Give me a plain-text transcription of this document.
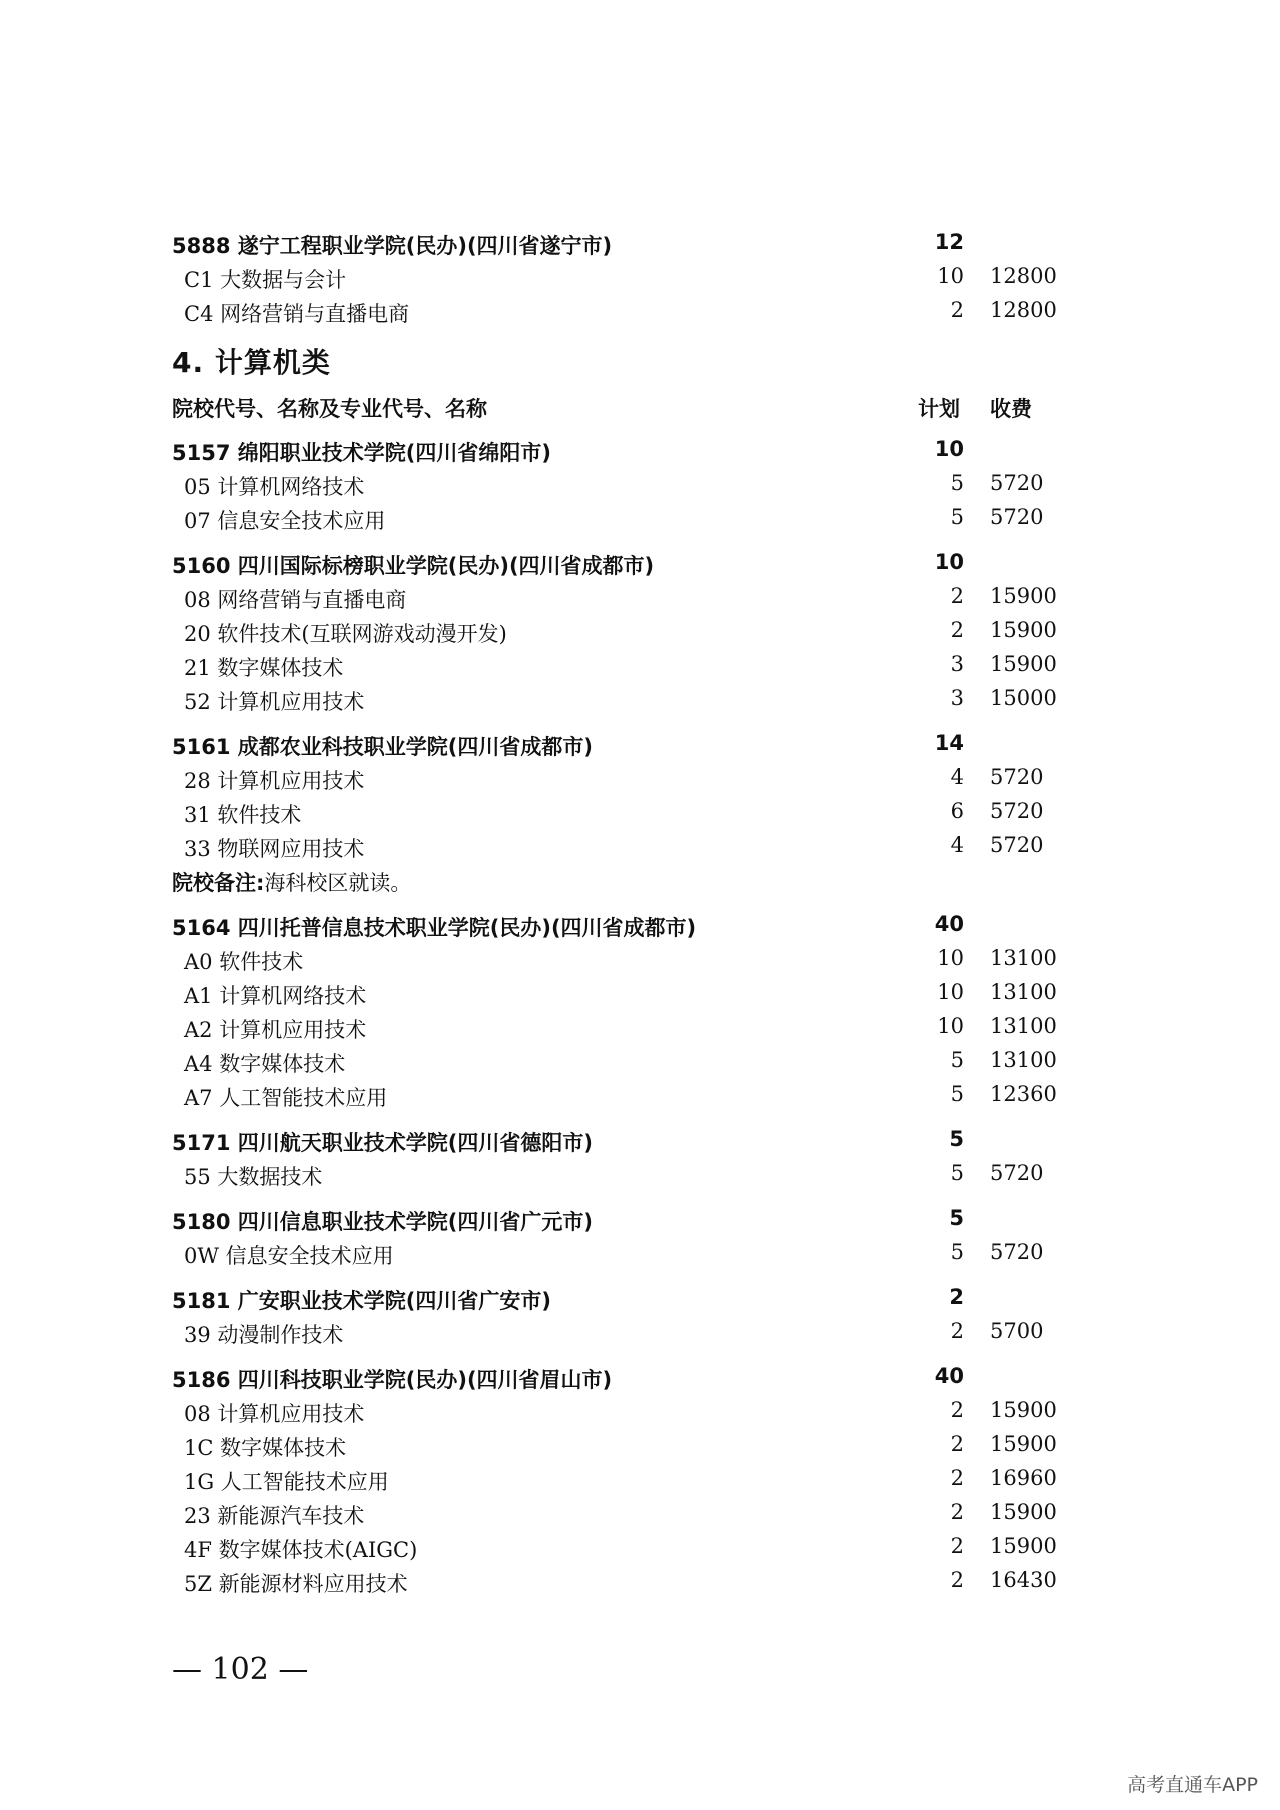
5888 遂宁工程职业学院(民办)(四川省遂宁市)	12
C1 大数据与会计	10 12800
C4 网络营销与直播电商	2 12800
4. 计算机类
院校代号、名称及专业代号、名称	计划 收费
5157 绵阳职业技术学院(四川省绵阳市)	10
05 计算机网络技术	5 5720
07 信息安全技术应用	5 5720
5160 四川国际标榜职业学院(民办)(四川省成都市)	10
08 网络营销与直播电商	2 15900
20 软件技术(互联网游戏动漫开发)	2 15900
21 数字媒体技术	3 15900
52 计算机应用技术	3 15000
5161 成都农业科技职业学院(四川省成都市)	14
28 计算机应用技术	4 5720
31 软件技术	6 5720
33 物联网应用技术	4 5720
院校备注:海科校区就读。
5164 四川托普信息技术职业学院(民办)(四川省成都市)	40
A0 软件技术	10 13100
A1 计算机网络技术	10 13100
A2 计算机应用技术	10 13100
A4 数字媒体技术	5 13100
A7 人工智能技术应用	5 12360
5171 四川航天职业技术学院(四川省德阳市)	5
55 大数据技术	5 5720
5180 四川信息职业技术学院(四川省广元市)	5
0W 信息安全技术应用	5 5720
5181 广安职业技术学院(四川省广安市)	2
39 动漫制作技术	2 5700
5186 四川科技职业学院(民办)(四川省眉山市)	40
08 计算机应用技术	2 15900
1C 数字媒体技术	2 15900
1G 人工智能技术应用	2 16960
23 新能源汽车技术	2 15900
4F 数字媒体技术(AIGC)	2 15900
5Z 新能源材料应用技术	2 16430
— 102 —
高考直通车APP
